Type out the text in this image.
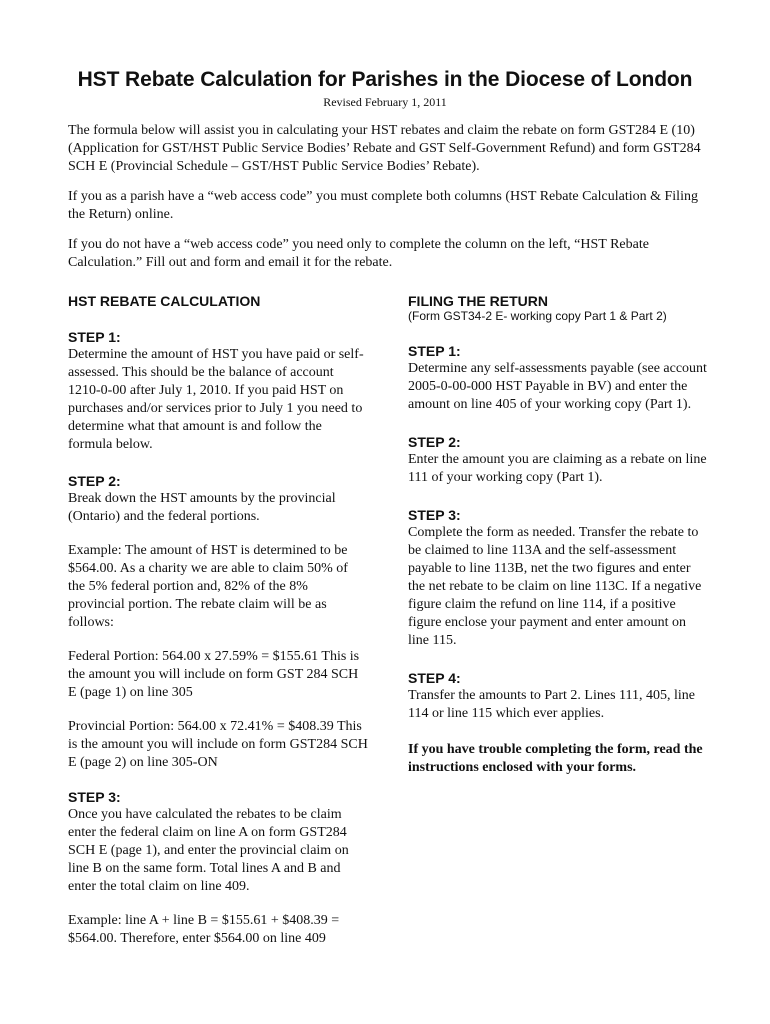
HST Rebate Calculation for Parishes in the Diocese of London
Revised February 1, 2011

The formula below will assist you in calculating your HST rebates and claim the rebate on form GST284 E (10) (Application for GST/HST Public Service Bodies’ Rebate and GST Self-Government Refund) and form GST284 SCH E (Provincial Schedule – GST/HST Public Service Bodies’ Rebate).

If you as a parish have a “web access code” you must complete both columns (HST Rebate Calculation & Filing the Return) online.

If you do not have a “web access code” you need only to complete the column on the left, “HST Rebate Calculation.” Fill out and form and email it for the rebate.

HST REBATE CALCULATION
STEP 1:

Determine the amount of HST you have paid or self-assessed. This should be the balance of account 1210-0-00 after July 1, 2010. If you paid HST on purchases and/or services prior to July 1 you need to determine what that amount is and follow the formula below.

STEP 2:

Break down the HST amounts by the provincial (Ontario) and the federal portions.

Example: The amount of HST is determined to be $564.00. As a charity we are able to claim 50% of the 5% federal portion and, 82% of the 8% provincial portion. The rebate claim will be as follows:

Federal Portion: 564.00 x 27.59% = $155.61 This is the amount you will include on form GST 284 SCH E (page 1) on line 305

Provincial Portion: 564.00 x 72.41% = $408.39 This is the amount you will include on form GST284 SCH E (page 2) on line 305-ON

STEP 3:

Once you have calculated the rebates to be claim enter the federal claim on line A on form GST284 SCH E (page 1), and enter the provincial claim on line B on the same form. Total lines A and B and enter the total claim on line 409.

Example: line A + line B = $155.61 + $408.39 = $564.00. Therefore, enter $564.00 on line 409

FILING THE RETURN
(Form GST34-2 E- working copy Part 1 & Part 2)
STEP 1:

Determine any self-assessments payable (see account 2005-0-00-000 HST Payable in BV) and enter the amount on line 405 of your working copy (Part 1).

STEP 2:

Enter the amount you are claiming as a rebate on line 111 of your working copy (Part 1).

STEP 3:

Complete the form as needed. Transfer the rebate to be claimed to line 113A and the self-assessment payable to line 113B, net the two figures and enter the net rebate to be claim on line 113C. If a negative figure claim the refund on line 114, if a positive figure enclose your payment and enter amount on line 115.

STEP 4:

Transfer the amounts to Part 2. Lines 111, 405, line 114 or line 115 which ever applies.

If you have trouble completing the form, read the instructions enclosed with your forms.
